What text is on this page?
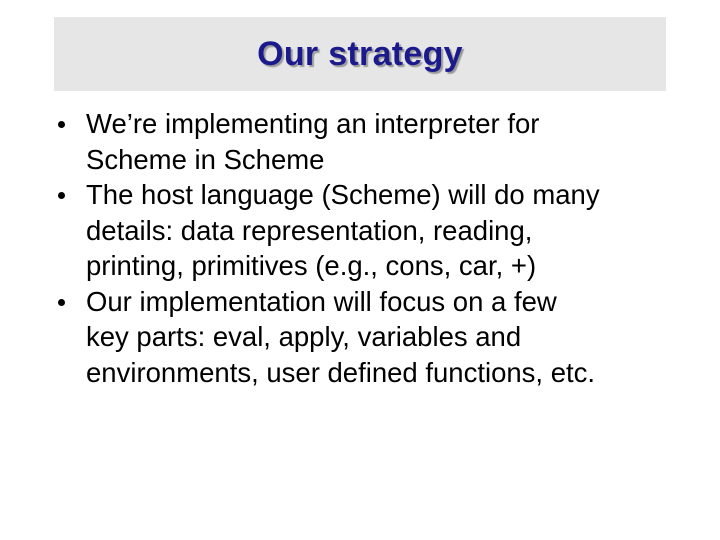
Our strategy
We’re implementing an interpreter for
Scheme in Scheme
The host language (Scheme) will do many
details: data representation, reading,
printing, primitives (e.g., cons, car, +)
Our implementation will focus on a few
key parts: eval, apply, variables and
environments, user defined functions, etc.
